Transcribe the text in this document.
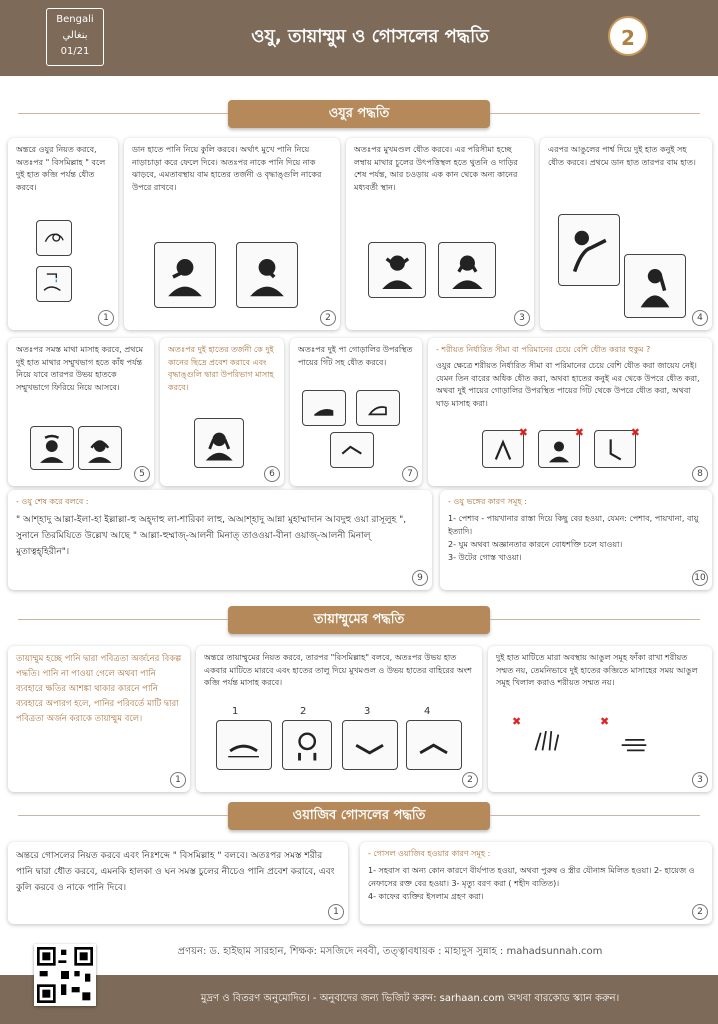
Bengali
بنغالي
01/21
ওযু, তায়াম্মুম ও গোসলের পদ্ধতি	2
ওযুর পদ্ধতি
অন্তরে ওযুর নিয়ত করবে, অতঃপর " বিসমিল্লাহ " বলে দুই হাত কব্জি পর্যন্ত ধৌত করবে।
1
ডান হাতে পানি নিয়ে কুলি করবে। অর্থাৎ মুখে পানি নিয়ে নাড়াচাড়া করে ফেলে দিবে। অতঃপর নাকে পানি দিয়ে নাক ঝাড়বে, এমতাবস্থায় বাম হাতের তর্জনী ও বৃদ্ধাঙ্গুলি নাকের উপরে রাখবে।
2
অতঃপর মুখমণ্ডল ধৌত করবে। এর পরিসীমা হচ্ছে লম্বায় মাথার চুলের উৎপত্তিস্থল হতে থুতনি ও দাড়ির শেষ পর্যন্ত, আর চওড়ায় এক কান থেকে অন্য কানের মধ্যবর্তী স্থান।
3
এরপর আঙুলের পার্শ্ব দিয়ে দুই হাত কনুই সহ ধৌত করবে। প্রথমে ডান হাত তারপর বাম হাত।
4
অতঃপর সমস্ত মাথা মাসাহ করবে, প্রথমে দুই হাত মাথার সম্মুখভাগ হতে কাঁধ পর্যন্ত নিয়ে যাবে তারপর উভয় হাতকে সম্মুখভাগে ফিরিয়ে নিয়ে আসবে।
5
অতঃপর দুই হাতের তর্জনী কে দুই কানের ছিদ্রে প্রবেশ করাবে এবং বৃদ্ধাঙ্গুলি দ্বারা উপরিভাগ মাসাহ করবে।
6
অতঃপর দুই পা গোড়ালির উপরস্থিত পায়ের গিঁট সহ ধৌত করবে।
7
- শরীয়ত নির্ধারিত সীমা বা পরিমানের চেয়ে বেশি ধৌত করার হুকুম ?
ওযুর ক্ষেত্রে শরীয়ত নির্ধারিত সীমা বা পরিমানের চেয়ে বেশি ধৌত করা জায়েয নেই। যেমন তিন বারের অধিক ধৌত করা, অথবা হাতের কনুই এর থেকে উপরে ধৌত করা, অথবা দুই পায়ের গোড়ালির উপরস্থিত পায়ের গিঁট থেকে উপরে ধৌত করা, অথবা ঘাড় মাসাহ করা।
✖	✖	✖
8
- ওযু শেষ করে বলবে :
" আশ্‌হাদু আল্লা-ইলা-হা ইল্লাল্লা-হু অহ্‌দাহু লা-শারিকা লাহু, অআশ্‌হাদু আন্না মুহাম্মাদান আবদুহু ওয়া রাসূলুহ ", সুনানে তিরমিযিতে উল্লেখ আছে " আল্লা-হুম্মাজ্‌-আলনী মিনাত্‌ তাওওয়া-বীনা ওয়াজ্‌-আলনী মিনাল্‌ মুতাত্বহ্‌হিরীন"।
9
- ওযু ভঙ্গের কারণ সমূহ :
1- পেশাব - পায়খানার রাস্তা দিয়ে কিছু বের হওয়া, যেমন: পেশাব, পায়খানা, বায়ু ইত্যাদি।
2- ঘুম অথবা অজ্ঞানতার কারনে বোধশক্তি চলে যাওয়া।
3- উটের গোস্ত খাওয়া।
10
তায়াম্মুমের পদ্ধতি
তায়াম্মুম হচ্ছে পানি দ্বারা পবিত্রতা অর্জনের বিকল্প পদ্ধতি। পানি না পাওয়া গেলে অথবা পানি ব্যবহারে ক্ষতির আশঙ্কা থাকার কারনে পানি ব্যবহারে অপারগ হলে, পানির পরিবর্তে মাটি দ্বারা পবিত্রতা অর্জন করাকে তায়াম্মুম বলে।
1
অন্তরে তায়াম্মুমের নিয়ত করবে, তারপর "বিসমিল্লাহ" বলবে, অতঃপর উভয় হাত একবার মাটিতে মারবে এবং হাতের তালু দিয়ে মুখমণ্ডল ও উভয় হাতের বাহিরের অংশ কব্জি পর্যন্ত মাসাহ করবে।
1	2	3	4
2
দুই হাত মাটিতে মারা অবস্থায় আঙুল সমূহ ফাঁকা রাখা শরীয়ত সম্মত নয়, তেমনিভাবে দুই হাতের কব্জিতে মাসাহের সময় আঙুল সমূহ খিলাল করাও শরীয়ত সম্মত নয়।
✖	✖
3
ওয়াজিব গোসলের পদ্ধতি
অন্তরে গোসলের নিয়ত করবে এবং নিঃশব্দে " বিসমিল্লাহ " বলবে। অতঃপর সমস্ত শরীর পানি দ্বারা ধৌত করবে, এমনকি হালকা ও ঘন সমস্ত চুলের নীচেও পানি প্রবেশ করাবে, এবং কুলি করবে ও নাকে পানি দিবে।
1
- গোসল ওয়াজিব হওয়ার কারণ সমূহ :
1- সহবাস বা অন্য কোন কারণে বীর্যপাত হওয়া, অথবা পুরুষ ও স্ত্রীর যৌনাঙ্গ মিলিত হওয়া। 2- হায়েজ ও নেফাসের রক্ত বের হওয়া। 3- মৃত্যু বরণ করা ( শহীদ ব্যতিত)।
4- কাফের ব্যক্তির ইসলাম গ্রহণ করা।
2
প্রণয়ন: ড. হাইছাম সারহান, শিক্ষক: মসজিদে নববী, তত্ত্বাবধায়ক : মাহাদুস সুন্নাহ : mahadsunnah.com
মুদ্রণ ও বিতরণ অনুমোদিত। - অনুবাদের জন্য ভিজিট করুন: sarhaan.com অথবা বারকোড স্ক্যান করুন।
